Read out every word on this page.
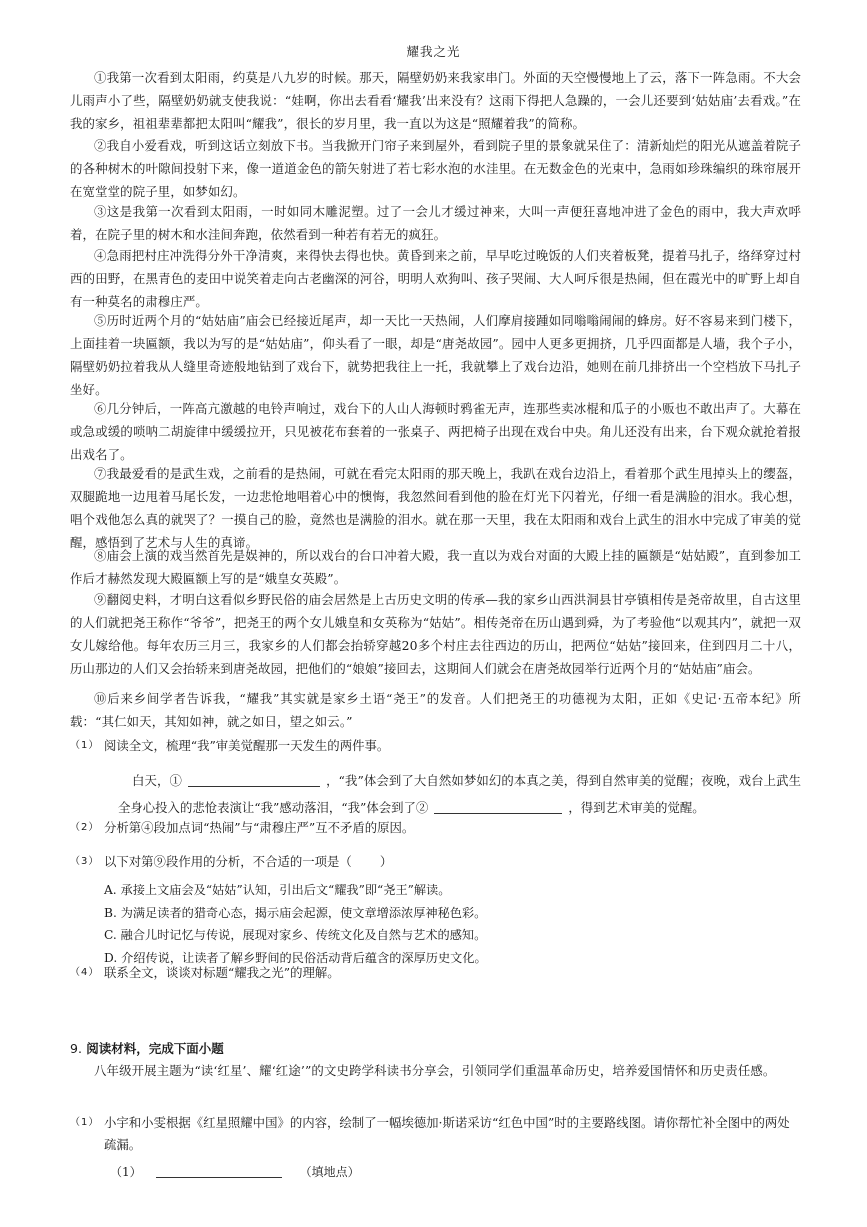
耀我之光
①我第一次看到太阳雨，约莫是八九岁的时候。那天，隔壁奶奶来我家串门。外面的天空慢慢地上了云，落下一阵急雨。不大会儿雨声小了些，隔壁奶奶就支使我说：“娃啊，你出去看看‘耀我’出来没有？这雨下得把人急躁的，一会儿还要到‘姑姑庙’去看戏。”在我的家乡，祖祖辈辈都把太阳叫“耀我”，很长的岁月里，我一直以为这是“照耀着我”的简称。
②我自小爱看戏，听到这话立刻放下书。当我掀开门帘子来到屋外，看到院子里的景象就呆住了：清新灿烂的阳光从遮盖着院子的各种树木的叶隙间投射下来，像一道道金色的箭矢射进了若七彩水泡的水洼里。在无数金色的光束中，急雨如珍珠编织的珠帘展开在宽堂堂的院子里，如梦如幻。
③这是我第一次看到太阳雨，一时如同木雕泥塑。过了一会儿才缓过神来，大叫一声便狂喜地冲进了金色的雨中，我大声欢呼着，在院子里的树木和水洼间奔跑，依然看到一种若有若无的疯狂。
④急雨把村庄冲洗得分外干净清爽，来得快去得也快。黄昏到来之前，早早吃过晚饭的人们夹着板凳，提着马扎子，络绎穿过村西的田野，在黑青色的麦田中说笑着走向古老幽深的河谷，明明人欢狗叫、孩子哭闹、大人呵斥很是热闹，但在霞光中的旷野上却自有一种莫名的肃穆庄严。
⑤历时近两个月的“姑姑庙”庙会已经接近尾声，却一天比一天热闹，人们摩肩接踵如同嗡嗡闹闹的蜂房。好不容易来到门楼下，上面挂着一块匾额，我以为写的是“姑姑庙”，仰头看了一眼，却是“唐尧故园”。园中人更多更拥挤，几乎四面都是人墙，我个子小，隔壁奶奶拉着我从人缝里奇迹般地钻到了戏台下，就势把我往上一托，我就攀上了戏台边沿，她则在前几排挤出一个空档放下马扎子坐好。
⑥几分钟后，一阵高亢激越的电铃声响过，戏台下的人山人海顿时鸦雀无声，连那些卖冰棍和瓜子的小贩也不敢出声了。大幕在或急或缓的唢呐二胡旋律中缓缓拉开，只见被花布套着的一张桌子、两把椅子出现在戏台中央。角儿还没有出来，台下观众就抢着报出戏名了。
⑦我最爱看的是武生戏，之前看的是热闹，可就在看完太阳雨的那天晚上，我趴在戏台边沿上，看着那个武生甩掉头上的缨盔，双腿跪地一边甩着马尾长发，一边悲怆地唱着心中的懊悔，我忽然间看到他的脸在灯光下闪着光，仔细一看是满脸的泪水。我心想，唱个戏他怎么真的就哭了？一摸自己的脸，竟然也是满脸的泪水。就在那一天里，我在太阳雨和戏台上武生的泪水中完成了审美的觉醒，感悟到了艺术与人生的真谛。
⑧庙会上演的戏当然首先是娱神的，所以戏台的台口冲着大殿，我一直以为戏台对面的大殿上挂的匾额是“姑姑殿”，直到参加工作后才赫然发现大殿匾额上写的是“娥皇女英殿”。
⑨翻阅史料，才明白这看似乡野民俗的庙会居然是上古历史文明的传承—我的家乡山西洪洞县甘亭镇相传是尧帝故里，自古这里的人们就把尧王称作“爷爷”，把尧王的两个女儿娥皇和女英称为“姑姑”。相传尧帝在历山遇到舜，为了考验他“以观其内”，就把一双女儿嫁给他。每年农历三月三，我家乡的人们都会抬轿穿越20多个村庄去往西边的历山，把两位“姑姑”接回来，住到四月二十八，历山那边的人们又会抬轿来到唐尧故园，把他们的“娘娘”接回去，这期间人们就会在唐尧故园举行近两个月的“姑姑庙”庙会。
⑩后来乡间学者告诉我，“耀我”其实就是家乡土语“尧王”的发音。人们把尧王的功德视为太阳，正如《史记·五帝本纪》所载：“其仁如天，其知如神，就之如日，望之如云。”
（1） 阅读全文，梳理“我”审美觉醒那一天发生的两件事。
白天，①	，“我”体会到了大自然如梦如幻的本真之美，得到自然审美的觉醒；夜晚，戏台上武生全身心投入的悲怆表演让“我”感动落泪，“我”体会到了②	，得到艺术审美的觉醒。
（2） 分析第④段加点词“热闹”与“肃穆庄严”互不矛盾的原因。
（3） 以下对第⑨段作用的分析，不合适的一项是（ ）
A. 承接上文庙会及“姑姑”认知，引出后文“耀我”即“尧王”解读。
B. 为满足读者的猎奇心态，揭示庙会起源，使文章增添浓厚神秘色彩。
C. 融合儿时记忆与传说，展现对家乡、传统文化及自然与艺术的感知。
D. 介绍传说，让读者了解乡野间的民俗活动背后蕴含的深厚历史文化。
（4） 联系全文，谈谈对标题“耀我之光”的理解。
9. 阅读材料，完成下面小题
八年级开展主题为“读‘红星’、耀‘红途’”的文史跨学科读书分享会，引领同学们重温革命历史，培养爱国情怀和历史责任感。
（1） 小宇和小雯根据《红星照耀中国》的内容，绘制了一幅埃德加·斯诺采访“红色中国”时的主要路线图。请你帮忙补全图中的两处疏漏。
（1）	（填地点）
